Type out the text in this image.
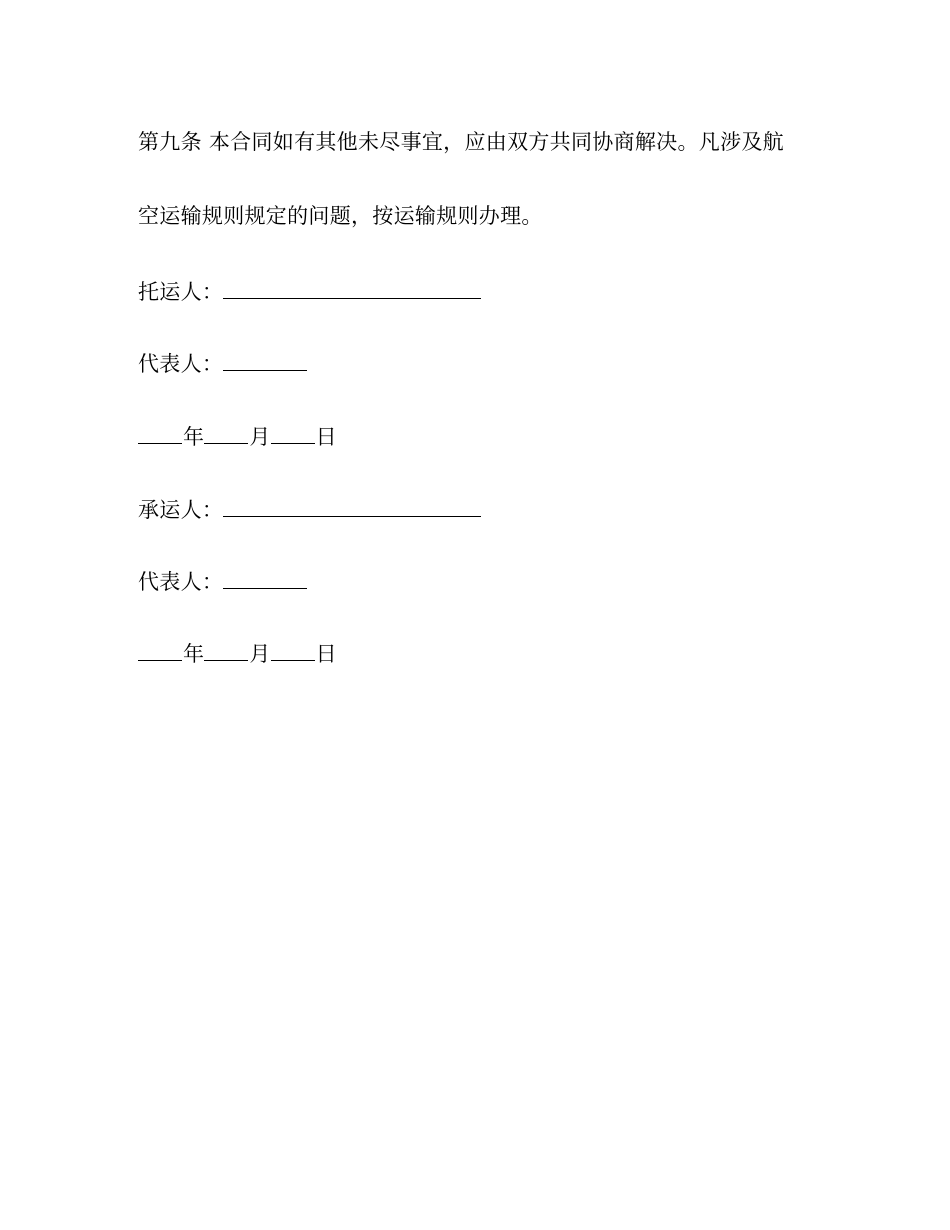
第九条 本合同如有其他未尽事宜，应由双方共同协商解决。凡涉及航
空运输规则规定的问题，按运输规则办理。
托运人：
代表人：
年 月 日
承运人：
代表人：
年 月 日
